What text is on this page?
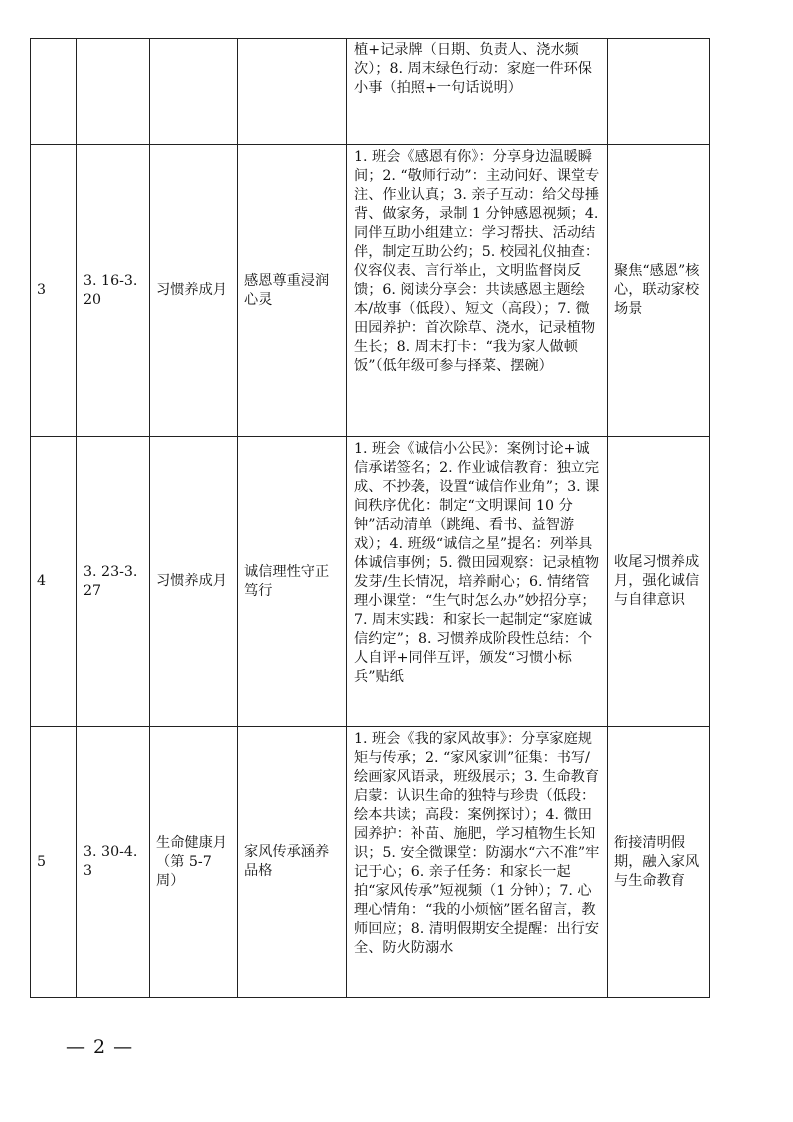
				植+记录牌（日期、负责人、浇水频次）；8. 周末绿色行动：家庭一件环保小事（拍照+一句话说明）	
3	3. 16-3. 20	习惯养成月	感恩尊重浸润心灵	1. 班会《感恩有你》：分享身边温暖瞬间；2. “敬师行动”：主动问好、课堂专注、作业认真；3. 亲子互动：给父母捶背、做家务，录制 1 分钟感恩视频；4. 同伴互助小组建立：学习帮扶、活动结伴，制定互助公约；5. 校园礼仪抽查：仪容仪表、言行举止，文明监督岗反馈；6. 阅读分享会：共读感恩主题绘本/故事（低段）、短文（高段）；7. 微田园养护：首次除草、浇水，记录植物生长；8. 周末打卡：“我为家人做顿饭”（低年级可参与择菜、摆碗）	聚焦“感恩”核心，联动家校场景
4	3. 23-3. 27	习惯养成月	诚信理性守正笃行	1. 班会《诚信小公民》：案例讨论+诚信承诺签名；2. 作业诚信教育：独立完成、不抄袭，设置“诚信作业角”；3. 课间秩序优化：制定“文明课间 10 分钟”活动清单（跳绳、看书、益智游戏）；4. 班级“诚信之星”提名：列举具体诚信事例；5. 微田园观察：记录植物发芽/生长情况，培养耐心；6. 情绪管理小课堂：“生气时怎么办”妙招分享；7. 周末实践：和家长一起制定“家庭诚信约定”；8. 习惯养成阶段性总结：个人自评+同伴互评，颁发“习惯小标兵”贴纸	收尾习惯养成月，强化诚信与自律意识
5	3. 30-4. 3	生命健康月（第 5-7 周）	家风传承涵养品格	1. 班会《我的家风故事》：分享家庭规矩与传承；2. “家风家训”征集：书写/绘画家风语录，班级展示；3. 生命教育启蒙：认识生命的独特与珍贵（低段：绘本共读；高段：案例探讨）；4. 微田园养护：补苗、施肥，学习植物生长知识；5. 安全微课堂：防溺水“六不准”牢记于心；6. 亲子任务：和家长一起拍“家风传承”短视频（1 分钟）；7. 心理心情角：“我的小烦恼”匿名留言，教师回应；8. 清明假期安全提醒：出行安全、防火防溺水	衔接清明假期，融入家风与生命教育
— 2 —
